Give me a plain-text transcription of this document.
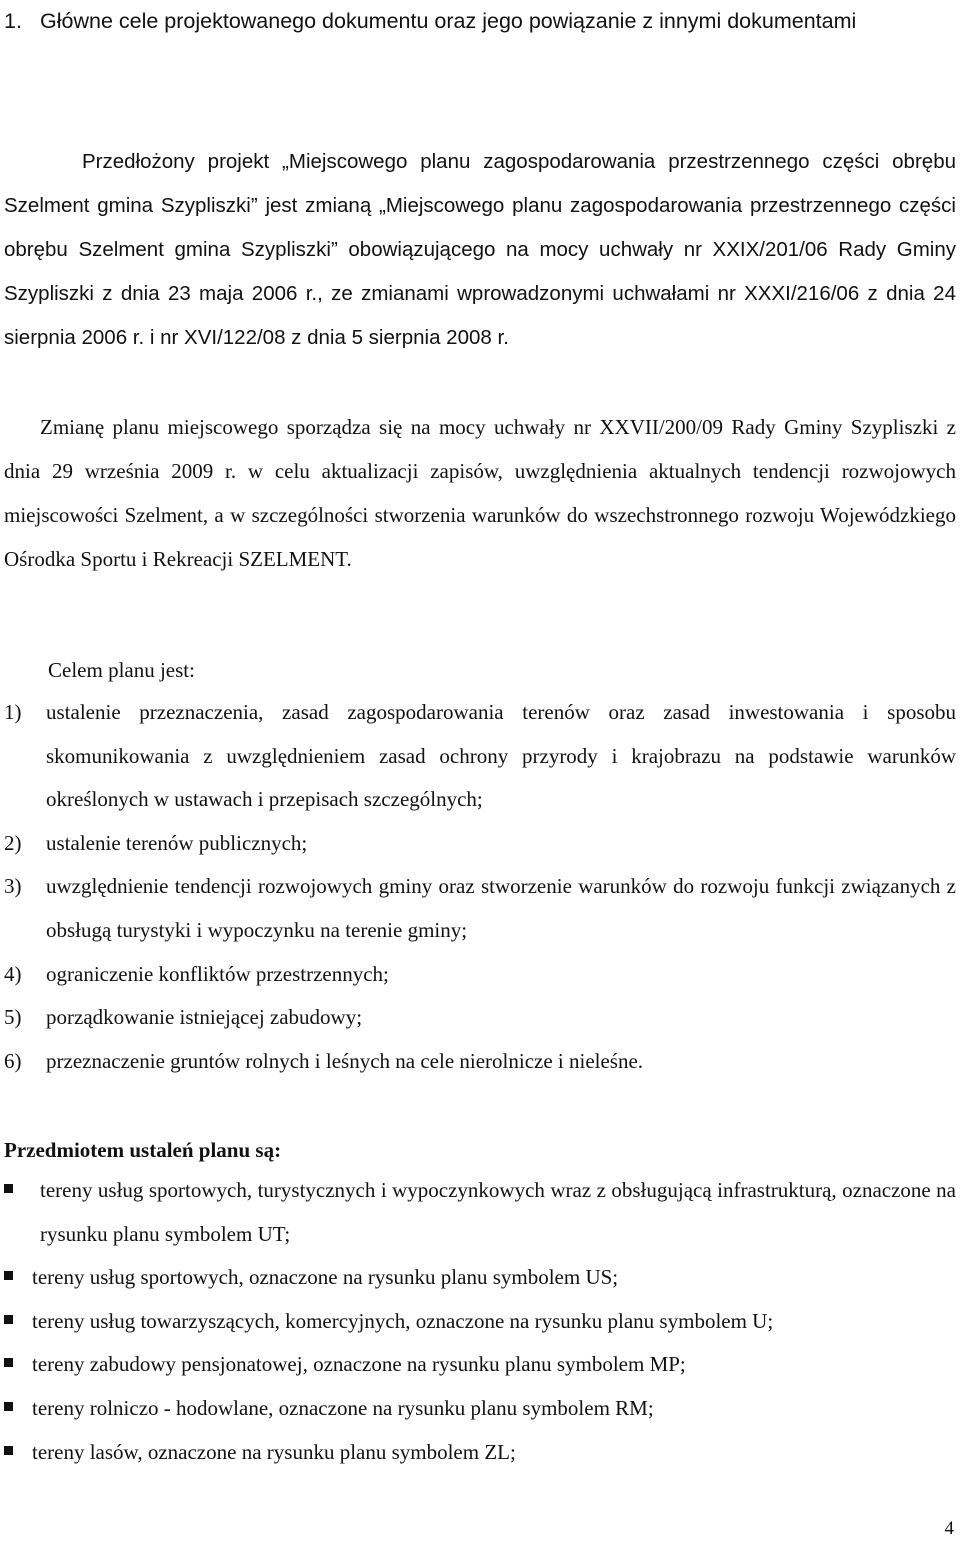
1. Główne cele projektowanego dokumentu oraz jego powiązanie z innymi dokumentami

Przedłożony projekt „Miejscowego planu zagospodarowania przestrzennego części obrębu Szelment gmina Szypliszki” jest zmianą „Miejscowego planu zagospodarowania przestrzennego części obrębu Szelment gmina Szypliszki” obowiązującego na mocy uchwały nr XXIX/201/06 Rady Gminy Szypliszki z dnia 23 maja 2006 r., ze zmianami wprowadzonymi uchwałami nr XXXI/216/06 z dnia 24 sierpnia 2006 r. i nr XVI/122/08 z dnia 5 sierpnia 2008 r.

Zmianę planu miejscowego sporządza się na mocy uchwały nr XXVII/200/09 Rady Gminy Szypliszki z dnia 29 września 2009 r. w celu aktualizacji zapisów, uwzględnienia aktualnych tendencji rozwojowych miejscowości Szelment, a w szczególności stworzenia warunków do wszechstronnego rozwoju Wojewódzkiego Ośrodka Sportu i Rekreacji SZELMENT.

Celem planu jest:

1)	ustalenie przeznaczenia, zasad zagospodarowania terenów oraz zasad inwestowania i sposobu skomunikowania z uwzględnieniem zasad ochrony przyrody i krajobrazu na podstawie warunków określonych w ustawach i przepisach szczególnych;
2)	ustalenie terenów publicznych;
3)	uwzględnienie tendencji rozwojowych gminy oraz stworzenie warunków do rozwoju funkcji związanych z obsługą turystyki i wypoczynku na terenie gminy;
4)	ograniczenie konfliktów przestrzennych;
5)	porządkowanie istniejącej zabudowy;
6)	przeznaczenie gruntów rolnych i leśnych na cele nierolnicze i nieleśne.
Przedmiotem ustaleń planu są:
tereny usług sportowych, turystycznych i wypoczynkowych wraz z obsługującą infrastrukturą, oznaczone na rysunku planu symbolem UT;
tereny usług sportowych, oznaczone na rysunku planu symbolem US;
tereny usług towarzyszących, komercyjnych, oznaczone na rysunku planu symbolem U;
tereny zabudowy pensjonatowej, oznaczone na rysunku planu symbolem MP;
tereny rolniczo - hodowlane, oznaczone na rysunku planu symbolem RM;
tereny lasów, oznaczone na rysunku planu symbolem ZL;

4
